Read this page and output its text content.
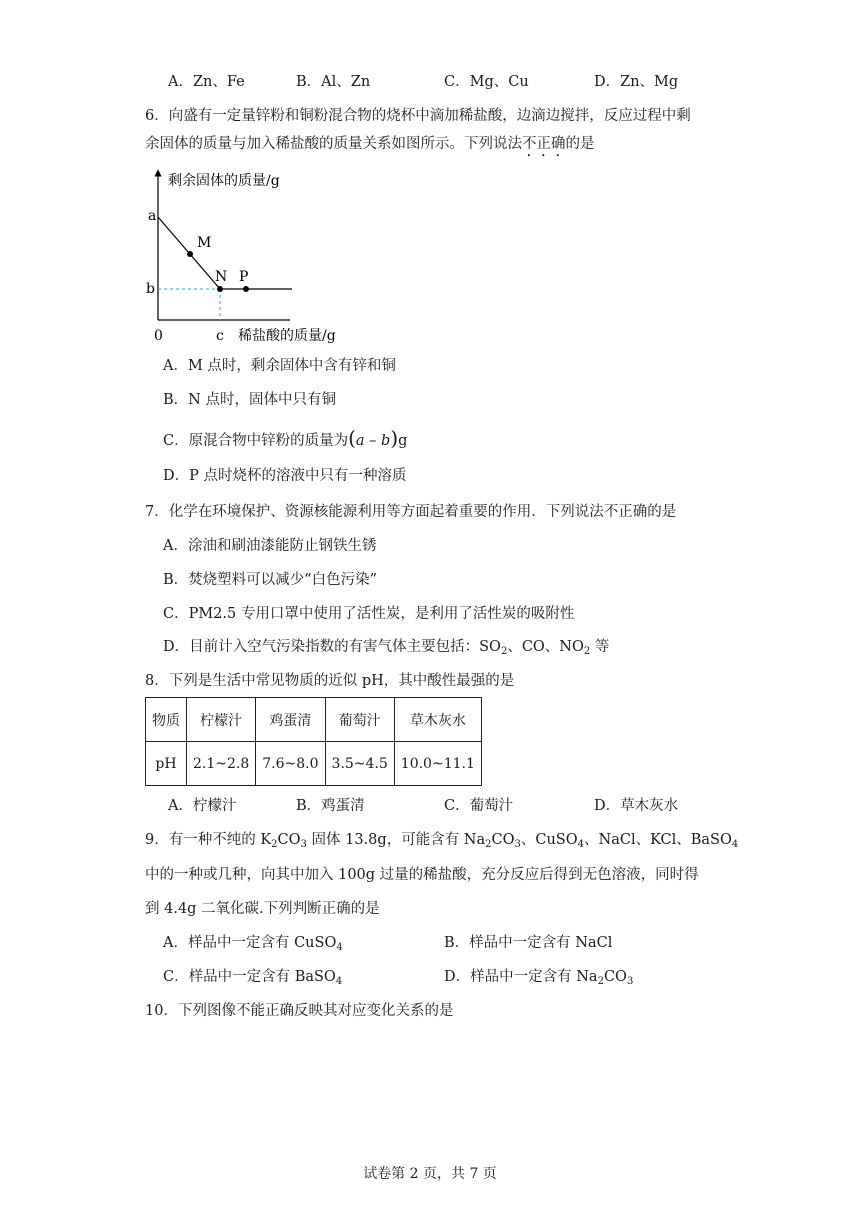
A．Zn、Fe	B．Al、Zn	C．Mg、Cu	D．Zn、Mg
6．向盛有一定量锌粉和铜粉混合物的烧杯中滴加稀盐酸，边滴边搅拌，反应过程中剩
余固体的质量与加入稀盐酸的质量关系如图所示。下列说法不正确的是
剩余固体的质量/g
a
M
N P
b
0	c 稀盐酸的质量/g
A．M 点时，剩余固体中含有锌和铜
B．N 点时，固体中只有铜
C．原混合物中锌粉的质量为(a – b)g
D．P 点时烧杯的溶液中只有一种溶质
7．化学在环境保护、资源核能源利用等方面起着重要的作用．下列说法不正确的是
A．涂油和刷油漆能防止钢铁生锈
B．焚烧塑料可以减少“白色污染”
C．PM2.5 专用口罩中使用了活性炭，是利用了活性炭的吸附性
D．目前计入空气污染指数的有害气体主要包括：$SO_2$、CO、$NO_2$ 等
8．下列是生活中常见物质的近似 pH，其中酸性最强的是
物质	柠檬汁	鸡蛋清	葡萄汁	草木灰水
pH	2.1~2.8	7.6~8.0	3.5~4.5	10.0~11.1
A．柠檬汁	B．鸡蛋清	C．葡萄汁	D．草木灰水
9．有一种不纯的 $K_2CO_3$ 固体 13.8g，可能含有 $Na_2CO_3$、CuSO$_4$、NaCl、KCl、BaSO$_4$
中的一种或几种，向其中加入 100g 过量的稀盐酸，充分反应后得到无色溶液，同时得
到 4.4g 二氧化碳.下列判断正确的是
A．样品中一定含有 CuSO$_4$	B．样品中一定含有 NaCl
C．样品中一定含有 BaSO$_4$	D．样品中一定含有 $Na_2CO_3$
10．下列图像不能正确反映其对应变化关系的是
试卷第 2 页，共 7 页
